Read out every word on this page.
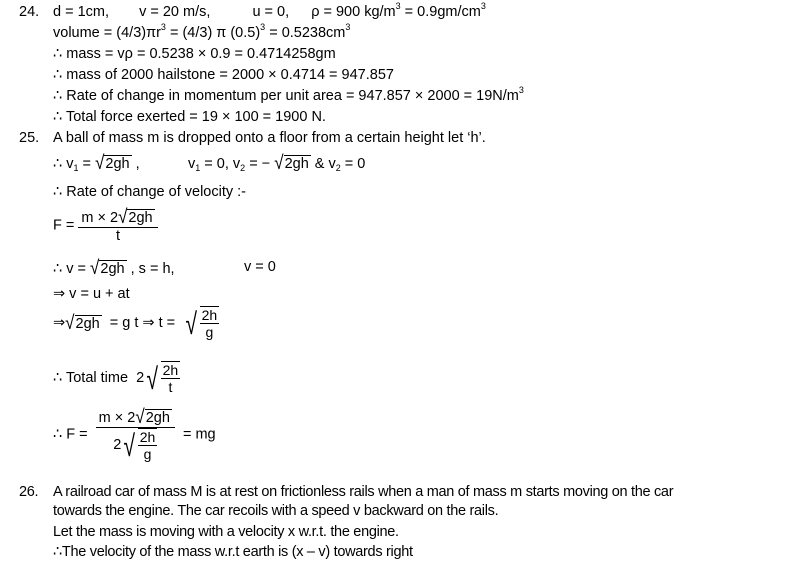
24. d = 1cm, v = 20 m/s,	u = 0, ρ = 900 $kg/m^3 = 0.9gm/cm^3$
volume = $(4/3)\pi r^3 = (4/3)$ π $(0.5)^3 = 0.5238cm^3$
∴ mass = vρ = 0.5238 × 0.9 = 0.4714258gm
∴ mass of 2000 hailstone = 2000 × 0.4714 = 947.857
∴ Rate of change in momentum per unit area = $947.857 \times 2000 = 19N/m^3$
∴ Total force exerted = 19 × 100 = 1900 N.
25. A ball of mass m is dropped onto a floor from a certain height let ‘h’.
∴ $v_1 = √2gh$ ,	$v_1 = 0$, $v_2$ = − √2gh & $v_2 = 0$
∴ Rate of change of velocity :-
$F = \frac{m \times 2√2gh}{t}$
∴ v = √2gh , s = h,	v = 0
⇒ v = u + at
⇒√2gh  = g t ⇒ t = √ 2h
g
∴ Total time  2 √ 2h
t
∴ F = m × 2√2gh
2 √ 2h
g = mg
26. A railroad car of mass M is at rest on frictionless rails when a man of mass m starts moving on the car
towards the engine. The car recoils with a speed v backward on the rails.
Let the mass is moving with a velocity x w.r.t. the engine.
∴The velocity of the mass w.r.t earth is (x – v) towards right
